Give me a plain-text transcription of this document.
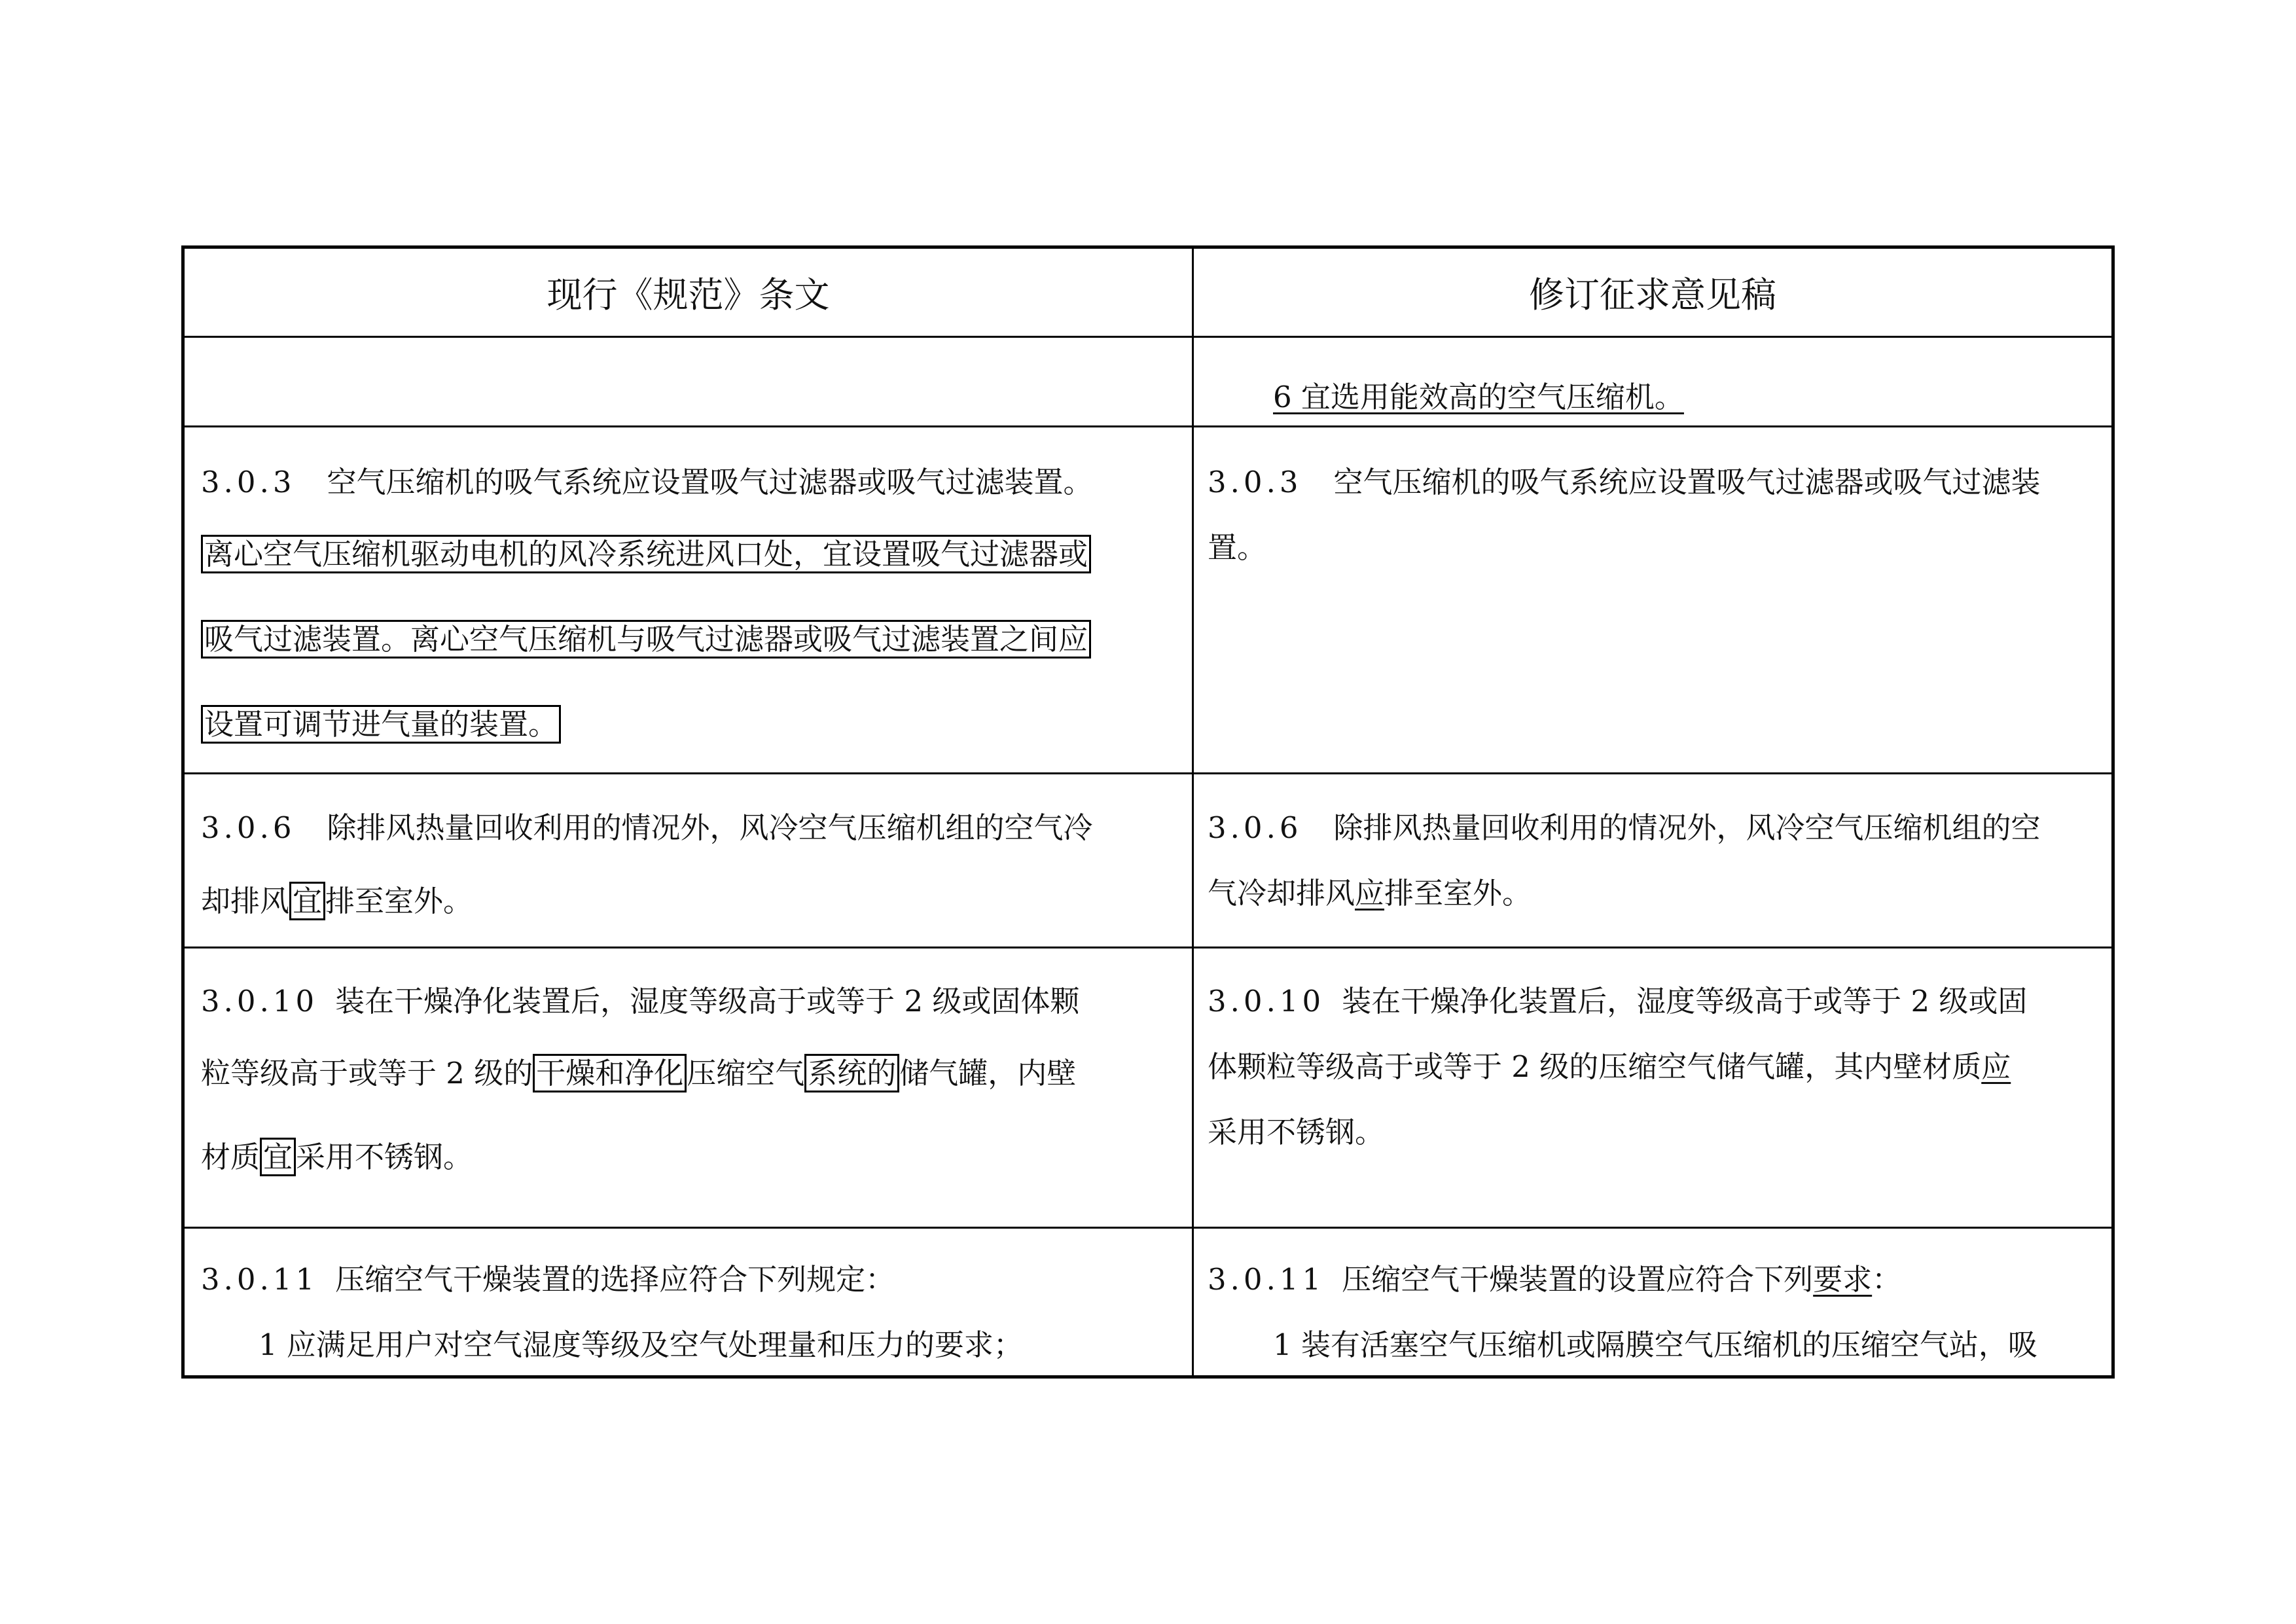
现行《规范》条文	修订征求意见稿
6 宜选用能效高的空气压缩机。
3.0.3 空气压缩机的吸气系统应设置吸气过滤器或吸气过滤装置。
离心空气压缩机驱动电机的风冷系统进风口处，宜设置吸气过滤器或
吸气过滤装置。离心空气压缩机与吸气过滤器或吸气过滤装置之间应
设置可调节进气量的装置。
3.0.3 空气压缩机的吸气系统应设置吸气过滤器或吸气过滤装
置。
3.0.6 除排风热量回收利用的情况外，风冷空气压缩机组的空气冷
却排风 宜 排至室外。
3.0.6 除排风热量回收利用的情况外，风冷空气压缩机组的空
气冷却排风应排至室外。
3.0.10 装在干燥净化装置后，湿度等级高于或等于 2 级或固体颗
粒等级高于或等于 2 级的 干燥和净化 压缩空气 系统的 储气罐，内壁
材质 宜 采用不锈钢。
3.0.10 装在干燥净化装置后，湿度等级高于或等于 2 级或固
体颗粒等级高于或等于 2 级的压缩空气储气罐，其内壁材质应
采用不锈钢。
3.0.11 压缩空气干燥装置的选择应符合下列规定：
1 应满足用户对空气湿度等级及空气处理量和压力的要求；
3.0.11 压缩空气干燥装置的设置应符合下列要求：
1 装有活塞空气压缩机或隔膜空气压缩机的压缩空气站，吸
